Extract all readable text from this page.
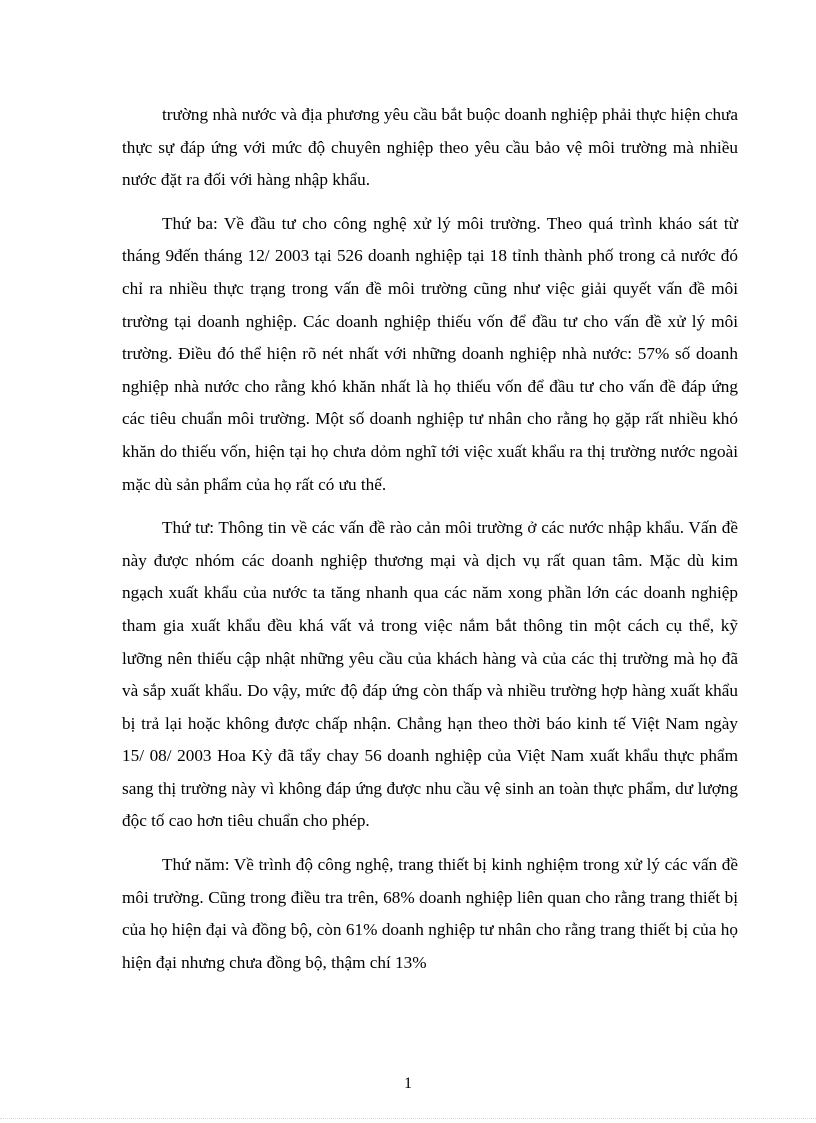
trường nhà nước và địa phương yêu cầu bắt buộc doanh nghiệp phải thực hiện chưa thực sự đáp ứng với mức độ chuyên nghiệp theo yêu cầu bảo vệ môi trường mà nhiều nước đặt ra đối với hàng nhập khẩu.

Thứ ba: Về đầu tư cho công nghệ xử lý môi trường. Theo quá trình kháo sát từ tháng 9đến tháng 12/ 2003 tại 526 doanh nghiệp tại 18 tỉnh thành phố trong cả nước đó chỉ ra nhiều thực trạng trong vấn đề môi trường cũng như việc giải quyết vấn đề môi trường tại doanh nghiệp. Các doanh nghiệp thiếu vốn để đầu tư cho vấn đề xử lý môi trường. Điều đó thể hiện rõ nét nhất với những doanh nghiệp nhà nước: 57% số doanh nghiệp nhà nước cho rằng khó khăn nhất là họ thiếu vốn để đầu tư cho vấn đề đáp ứng các tiêu chuẩn môi trường. Một số doanh nghiệp tư nhân cho rằng họ gặp rất nhiều khó khăn do thiếu vốn, hiện tại họ chưa dỏm nghĩ tới việc xuất khẩu ra thị trường nước ngoài mặc dù sản phẩm của họ rất có ưu thế.

Thứ tư: Thông tin về các vấn đề rào cản môi trường ở các nước nhập khẩu. Vấn đề này được nhóm các doanh nghiệp thương mại và dịch vụ rất quan tâm. Mặc dù kim ngạch xuất khẩu của nước ta tăng nhanh qua các năm xong phần lớn các doanh nghiệp tham gia xuất khẩu đều khá vất vả trong việc nắm bắt thông tin một cách cụ thể, kỹ lưỡng nên thiếu cập nhật những yêu cầu của khách hàng và của các thị trường mà họ đã và sắp xuất khẩu. Do vậy, mức độ đáp ứng còn thấp và nhiều trường hợp hàng xuất khẩu bị trả lại hoặc không được chấp nhận. Chẳng hạn theo thời báo kinh tế Việt Nam ngày 15/ 08/ 2003 Hoa Kỳ đã tẩy chay 56 doanh nghiệp của Việt Nam xuất khẩu thực phẩm sang thị trường này vì không đáp ứng được nhu cầu vệ sinh an toàn thực phẩm, dư lượng độc tố cao hơn tiêu chuẩn cho phép.

Thứ năm: Về trình độ công nghệ, trang thiết bị kinh nghiệm trong xử lý các vấn đề môi trường. Cũng trong điều tra trên, 68% doanh nghiệp liên quan cho rằng trang thiết bị của họ hiện đại và đồng bộ, còn 61% doanh nghiệp tư nhân cho rằng trang thiết bị của họ hiện đại nhưng chưa đồng bộ, thậm chí 13%

1
